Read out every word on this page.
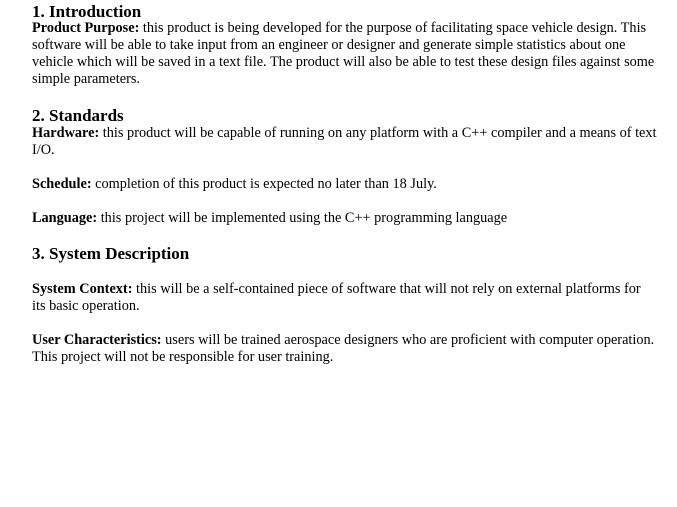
1. Introduction

Product Purpose: this product is being developed for the purpose of facilitating space vehicle design. This software will be able to take input from an engineer or designer and generate simple statistics about one vehicle which will be saved in a text file. The product will also be able to test these design files against some simple parameters.

2. Standards

Hardware: this product will be capable of running on any platform with a C++ compiler and a means of text I/O.

Schedule: completion of this product is expected no later than 18 July.

Language: this project will be implemented using the C++ programming language

3. System Description

System Context: this will be a self-contained piece of software that will not rely on external platforms for its basic operation.

User Characteristics: users will be trained aerospace designers who are proficient with computer operation. This project will not be responsible for user training.
